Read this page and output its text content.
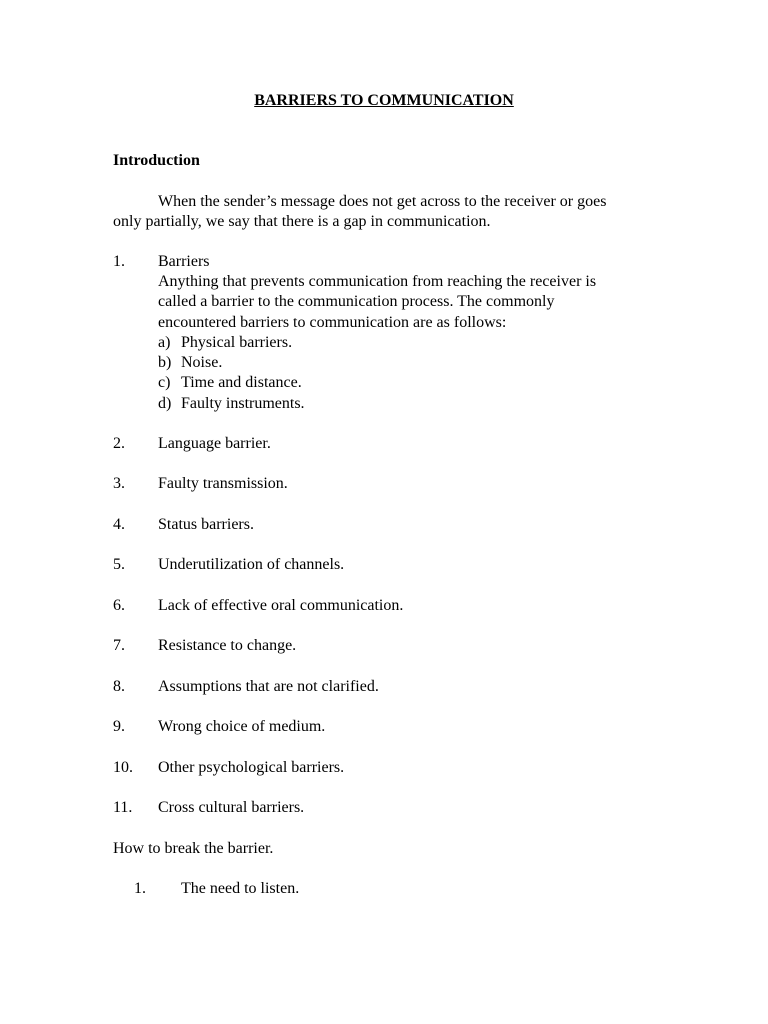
BARRIERS TO COMMUNICATION
Introduction
When the sender’s message does not get across to the receiver or goes
only partially, we say that there is a gap in communication.
1. Barriers
Anything that prevents communication from reaching the receiver is
called a barrier to the communication process. The commonly
encountered barriers to communication are as follows:
a) Physical barriers.
b) Noise.
c) Time and distance.
d) Faulty instruments.
2. Language barrier.
3. Faulty transmission.
4. Status barriers.
5. Underutilization of channels.
6. Lack of effective oral communication.
7. Resistance to change.
8. Assumptions that are not clarified.
9. Wrong choice of medium.
10. Other psychological barriers.
11. Cross cultural barriers.
How to break the barrier.
1. The need to listen.
